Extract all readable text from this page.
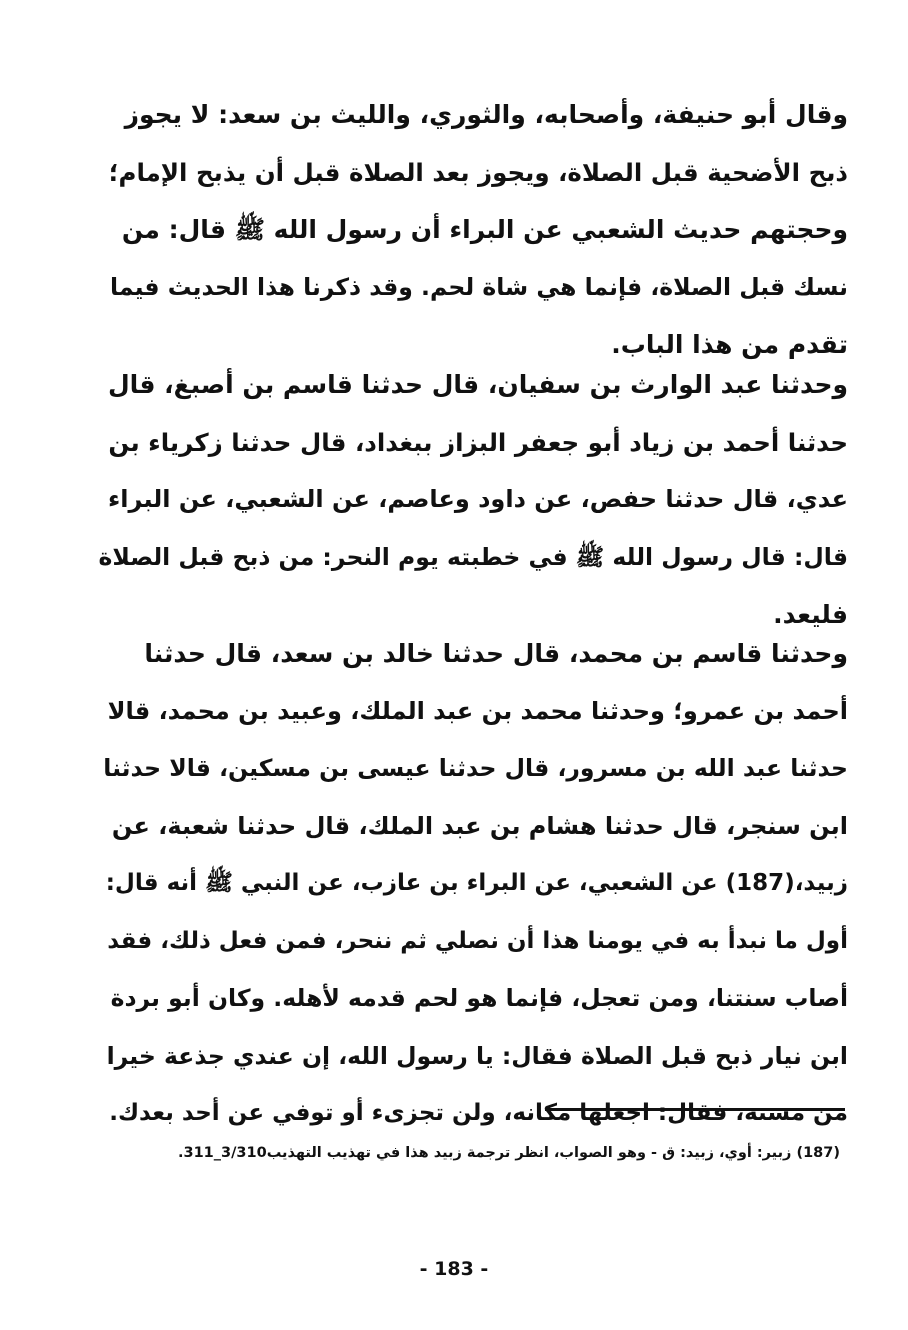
وقال أبو حنيفة، وأصحابه، والثوري، والليث بن سعد: لا يجوز
ذبح الأضحية قبل الصلاة، ويجوز بعد الصلاة قبل أن يذبح الإمام؛
وحجتهم حديث الشعبي عن البراء أن رسول الله ﷺ قال: من
نسك قبل الصلاة، فإنما هي شاة لحم. وقد ذكرنا هذا الحديث فيما
تقدم من هذا الباب.
وحدثنا عبد الوارث بن سفيان، قال حدثنا قاسم بن أصبغ، قال
حدثنا أحمد بن زياد أبو جعفر البزاز ببغداد، قال حدثنا زكرياء بن
عدي، قال حدثنا حفص، عن داود وعاصم، عن الشعبي، عن البراء
قال: قال رسول الله ﷺ في خطبته يوم النحر: من ذبح قبل الصلاة
فليعد.
وحدثنا قاسم بن محمد، قال حدثنا خالد بن سعد، قال حدثنا
أحمد بن عمرو؛ وحدثنا محمد بن عبد الملك، وعبيد بن محمد، قالا
حدثنا عبد الله بن مسرور، قال حدثنا عيسى بن مسكين، قالا حدثنا
ابن سنجر، قال حدثنا هشام بن عبد الملك، قال حدثنا شعبة، عن
زبيد،(187) عن الشعبي، عن البراء بن عازب، عن النبي ﷺ أنه قال:
أول ما نبدأ به في يومنا هذا أن نصلي ثم ننحر، فمن فعل ذلك، فقد
أصاب سنتنا، ومن تعجل، فإنما هو لحم قدمه لأهله. وكان أبو بردة
ابن نيار ذبح قبل الصلاة فقال: يا رسول الله، إن عندي جذعة خيرا
من مسنة، فقال: اجعلها مكانه، ولن تجزىء أو توفي عن أحد بعدك.
(187) زبير: أوي، زبيد: ق - وهو الصواب، انظر ترجمة زبيد هذا في تهذيب التهذيب3/310_311.
- 183 -
